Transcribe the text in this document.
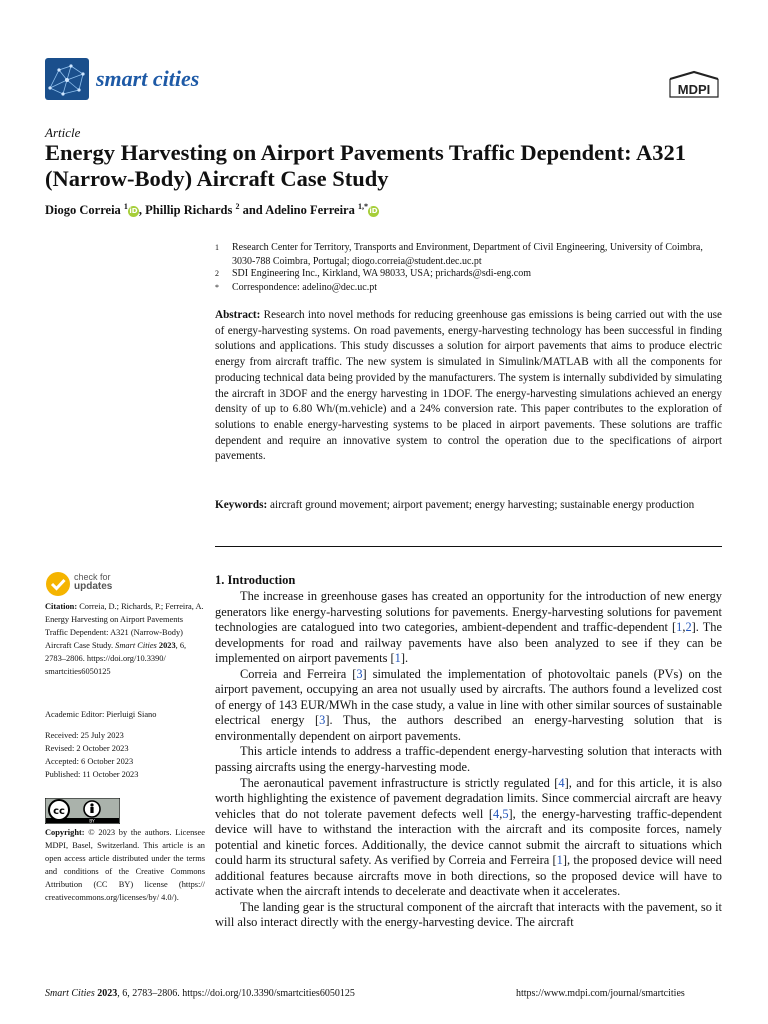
smart cities	MDPI
Article
Energy Harvesting on Airport Pavements Traffic Dependent: A321 (Narrow-Body) Aircraft Case Study
Diogo Correia $^1$iD, Phillip Richards $^2$ and Adelino Ferreira $^{1,*}$iD
1 Research Center for Territory, Transports and Environment, Department of Civil Engineering, University of Coimbra, 3030-788 Coimbra, Portugal; diogo.correia@student.dec.uc.pt
2 SDI Engineering Inc., Kirkland, WA 98033, USA; prichards@sdi-eng.com
* Correspondence: adelino@dec.uc.pt
Abstract: Research into novel methods for reducing greenhouse gas emissions is being carried out with the use of energy-harvesting systems. On road pavements, energy-harvesting technology has been successful in finding solutions and applications. This study discusses a solution for airport pavements that aims to produce electric energy from aircraft traffic. The new system is simulated in Simulink/MATLAB with all the components for producing technical data being provided by the manufacturers. The system is internally subdivided by simulating the aircraft in 3DOF and the energy harvesting in 1DOF. The energy-harvesting simulations achieved an energy density of up to 6.80 Wh/(m.vehicle) and a 24% conversion rate. This paper contributes to the exploration of solutions to enable energy-harvesting systems to be placed in airport pavements. These solutions are traffic dependent and require an innovative system to control the operation due to the specifications of airport pavements.
Keywords: aircraft ground movement; airport pavement; energy harvesting; sustainable energy production
check for
updates
Citation: Correia, D.; Richards, P.; Ferreira, A. Energy Harvesting on Airport Pavements Traffic Dependent: A321 (Narrow-Body) Aircraft Case Study. Smart Cities 2023, 6, 2783–2806. https://doi.org/10.3390/ smartcities6050125
Academic Editor: Pierluigi Siano
Received: 25 July 2023
Revised: 2 October 2023
Accepted: 6 October 2023
Published: 11 October 2023
cc
BY
Copyright: © 2023 by the authors. Licensee MDPI, Basel, Switzerland. This article is an open access article distributed under the terms and conditions of the Creative Commons Attribution (CC BY) license (https:// creativecommons.org/licenses/by/ 4.0/).
1. Introduction

The increase in greenhouse gases has created an opportunity for the introduction of new energy generators like energy-harvesting solutions for pavements. Energy-harvesting solutions for pavement technologies are catalogued into two categories, ambient-dependent and traffic-dependent [1,2]. The developments for road and railway pavements have also been analyzed to see if they can be implemented on airport pavements [1].

Correia and Ferreira [3] simulated the implementation of photovoltaic panels (PVs) on the airport pavement, occupying an area not usually used by aircrafts. The authors found a levelized cost of energy of 143 EUR/MWh in the case study, a value in line with other similar sources of sustainable electrical energy [3]. Thus, the authors described an energy-harvesting solution that is environmentally dependent on airport pavements.

This article intends to address a traffic-dependent energy-harvesting solution that interacts with passing aircrafts using the energy-harvesting mode.

The aeronautical pavement infrastructure is strictly regulated [4], and for this article, it is also worth highlighting the existence of pavement degradation limits. Since commercial aircraft are heavy vehicles that do not tolerate pavement defects well [4,5], the energy-harvesting traffic-dependent device will have to withstand the interaction with the aircraft and its composite forces, namely potential and kinetic forces. Additionally, the device cannot submit the aircraft to situations which could harm its structural safety. As verified by Correia and Ferreira [1], the proposed device will need additional features because aircrafts move in both directions, so the proposed device will have to activate when the aircraft intends to decelerate and deactivate when it accelerates.

The landing gear is the structural component of the aircraft that interacts with the pavement, so it will also interact directly with the energy-harvesting device. The aircraft

Smart Cities 2023, 6, 2783–2806. https://doi.org/10.3390/smartcities6050125	https://www.mdpi.com/journal/smartcities
